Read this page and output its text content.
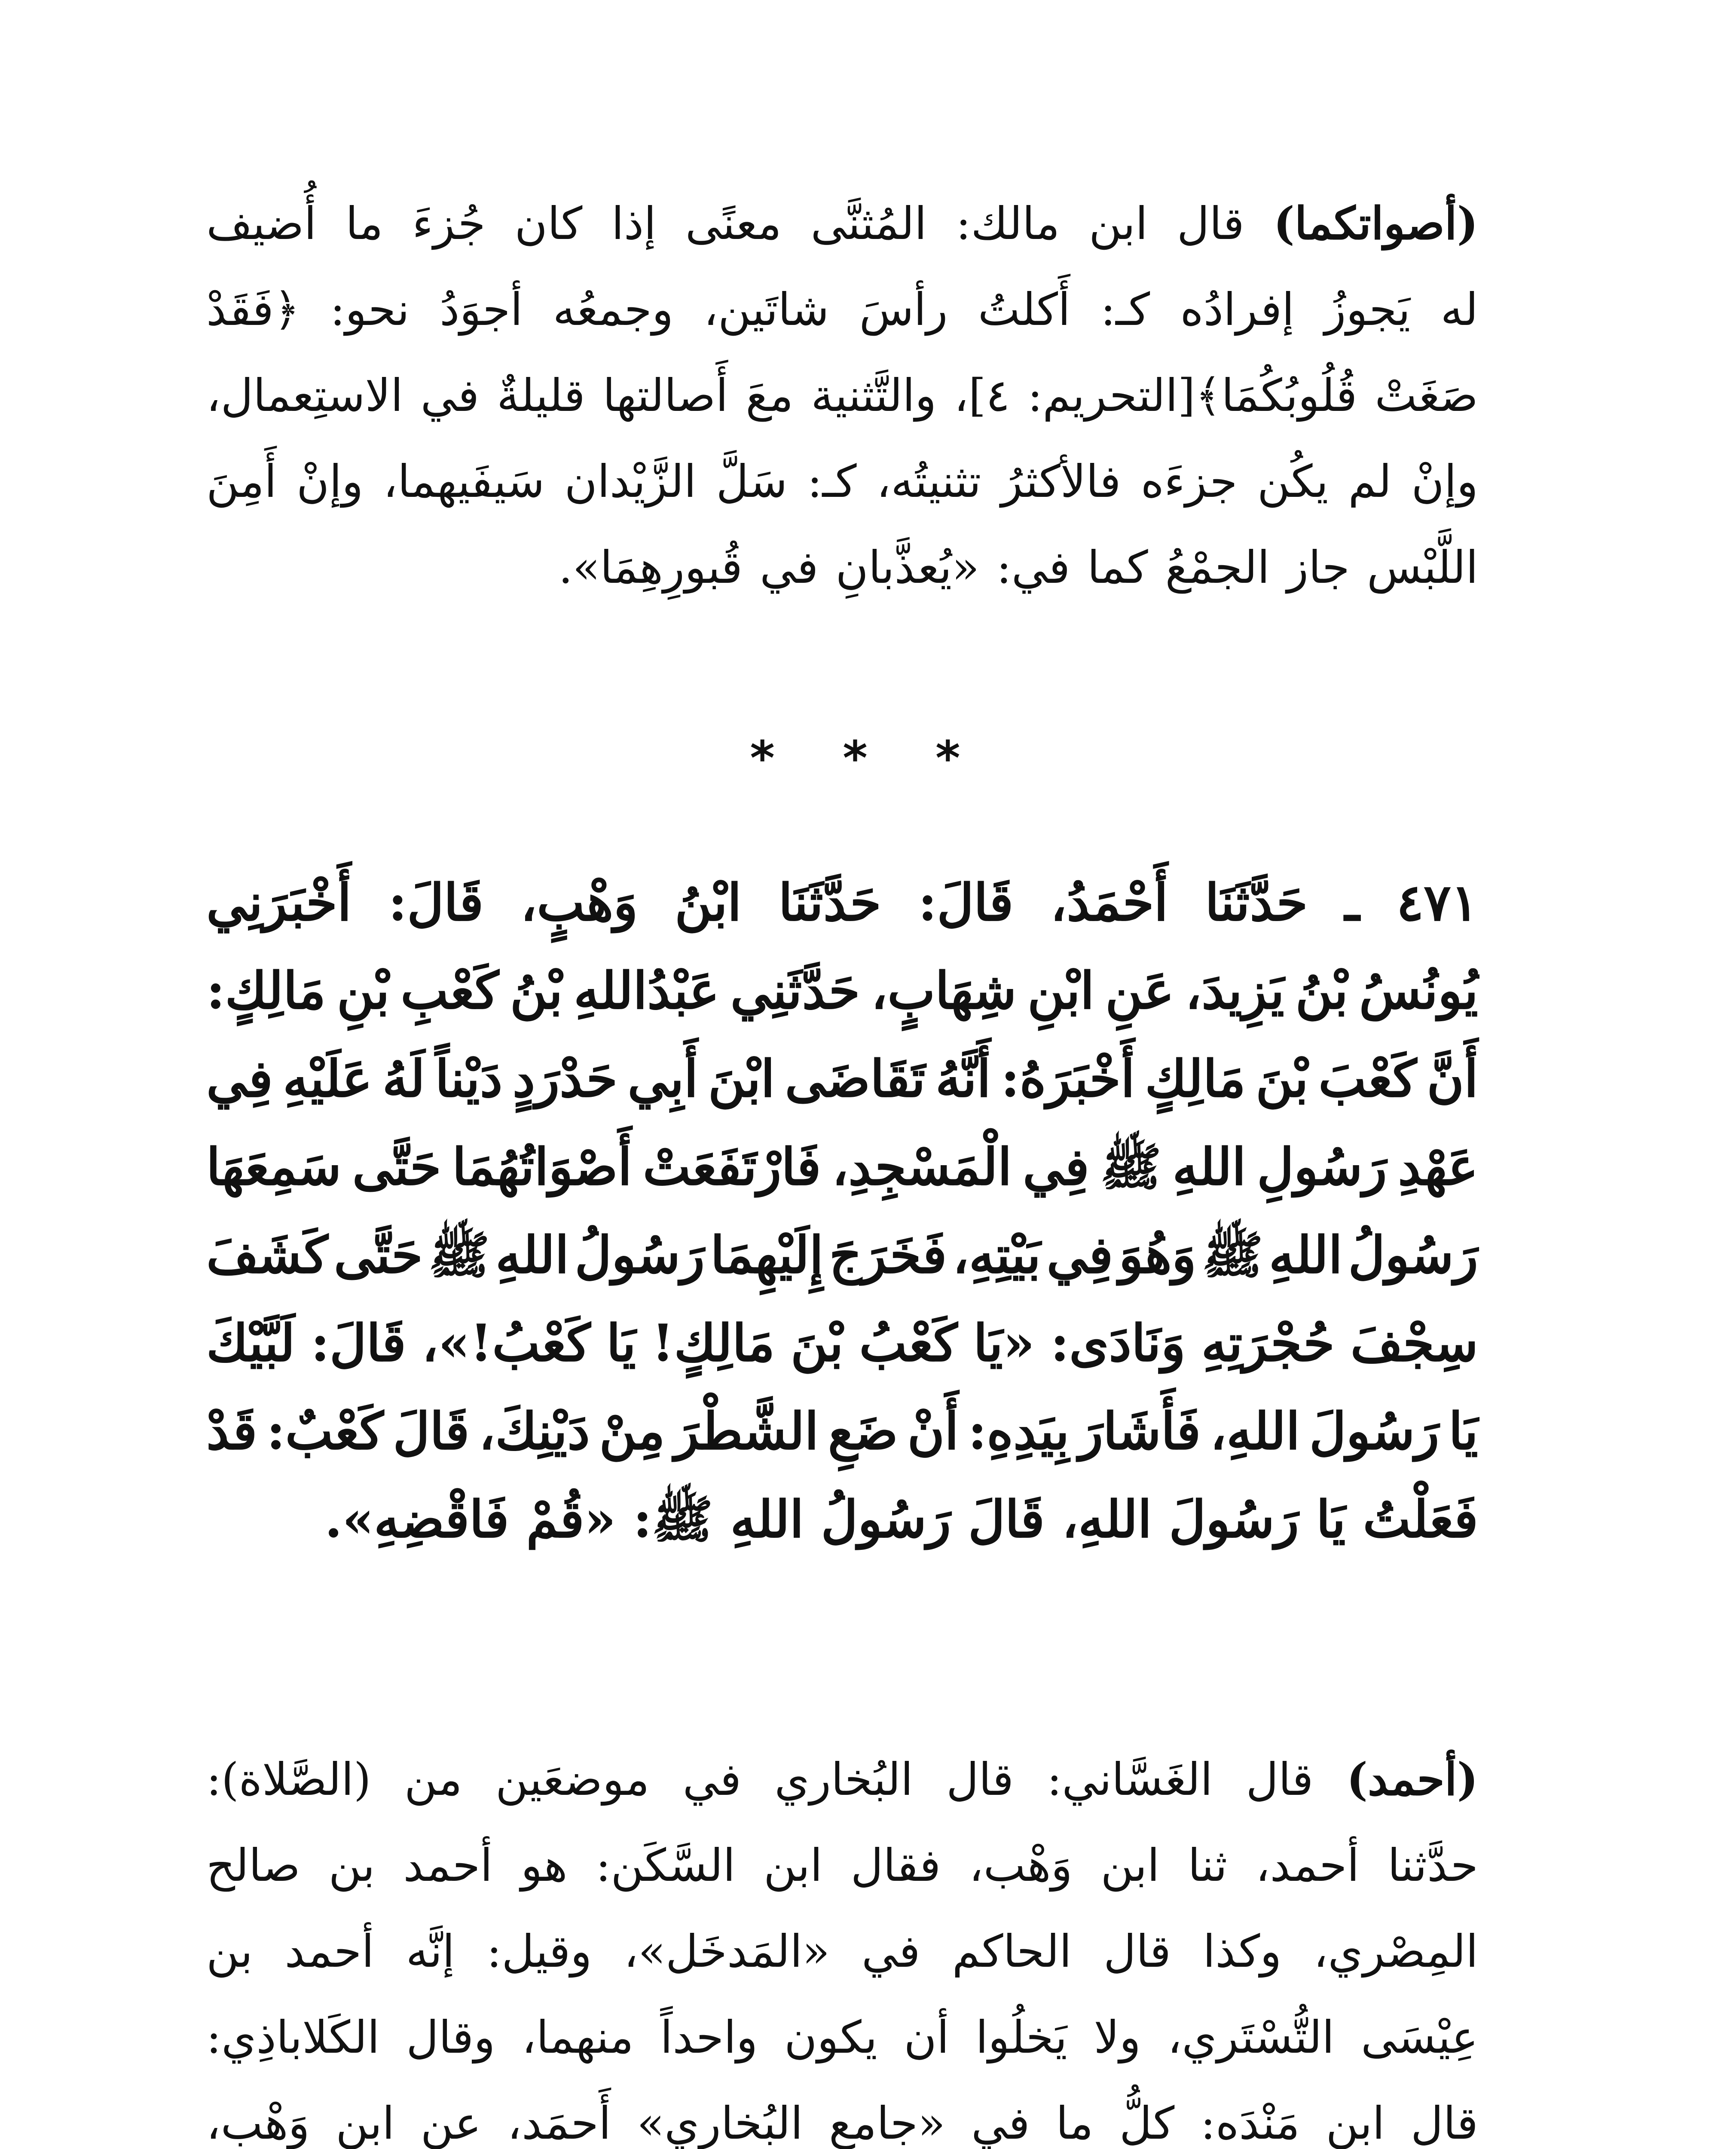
(أصواتكما)
قال
ابن
مالك:
المُثنَّى
معنًى
إذا
كان
جُزءَ
ما
أُضيف
له
يَجوزُ
إفرادُه
كـ:
أَكلتُ
رأسَ
شاتَين،
وجمعُه
أجوَدُ
نحو:
﴿فَقَدْ
صَغَتْ
قُلُوبُكُمَا﴾[التحريم:
٤]،
والتَّثنية
معَ
أَصالتها
قليلةٌ
في
الاستِعمال،
وإنْ
لم
يكُن
جزءَه
فالأكثرُ
تثنيتُه،
كـ:
سَلَّ
الزَّيْدان
سَيفَيهما،
وإنْ
أَمِنَ
اللَّبْس
جاز
الجمْعُ
كما
في:
«يُعذَّبانِ
في
قُبورِهِمَا».
* * *
٤٧١
ـ
حَدَّثَنَا
أَحْمَدُ،
قَالَ:
حَدَّثَنَا
ابْنُ
وَهْبٍ،
قَالَ:
أَخْبَرَنِي
يُونُسُ
بْنُ
يَزِيدَ،
عَنِ
ابْنِ
شِهَابٍ،
حَدَّثَنِي
عَبْدُاللهِ
بْنُ
كَعْبِ
بْنِ
مَالِكٍ:
أَنَّ
كَعْبَ
بْنَ
مَالِكٍ
أَخْبَرَهُ:
أَنَّهُ
تَقَاضَى
ابْنَ
أَبِي
حَدْرَدٍ
دَيْناً
لَهُ
عَلَيْهِ
فِي
عَهْدِ
رَسُولِ
اللهِ
ﷺ
فِي
الْمَسْجِدِ،
فَارْتَفَعَتْ
أَصْوَاتُهُمَا
حَتَّى
سَمِعَهَا
رَسُولُ
اللهِ
ﷺ
وَهُوَ
فِي
بَيْتِهِ،
فَخَرَجَ
إِلَيْهِمَا
رَسُولُ
اللهِ
ﷺ
حَتَّى
كَشَفَ
سِجْفَ
حُجْرَتِهِ
وَنَادَى:
«يَا
كَعْبُ
بْنَ
مَالِكٍ!
يَا
كَعْبُ!»،
قَالَ:
لَبَّيْكَ
يَا
رَسُولَ
اللهِ،
فَأَشَارَ
بِيَدِهِ:
أَنْ
ضَعِ
الشَّطْرَ
مِنْ
دَيْنِكَ،
قَالَ
كَعْبٌ:
قَدْ
فَعَلْتُ
يَا
رَسُولَ
اللهِ،
قَالَ
رَسُولُ
اللهِ
ﷺ:
«قُمْ
فَاقْضِهِ».
(أحمد)
قال
الغَسَّاني:
قال
البُخاري
في
موضعَين
من
(الصَّلاة):
حدَّثنا
أحمد،
ثنا
ابن
وَهْب،
فقال
ابن
السَّكَن:
هو
أحمد
بن
صالح
المِصْري،
وكذا
قال
الحاكم
في
«المَدخَل»،
وقيل:
إنَّه
أحمد
بن
عِيْسَى
التُّسْتَري،
ولا
يَخلُوا
أن
يكون
واحداً
منهما،
وقال
الكَلاباذِي:
قال
ابن
مَنْدَه:
كلُّ
ما
في
«جامع
البُخاري»
أَحمَد،
عن
ابن
وَهْب،
